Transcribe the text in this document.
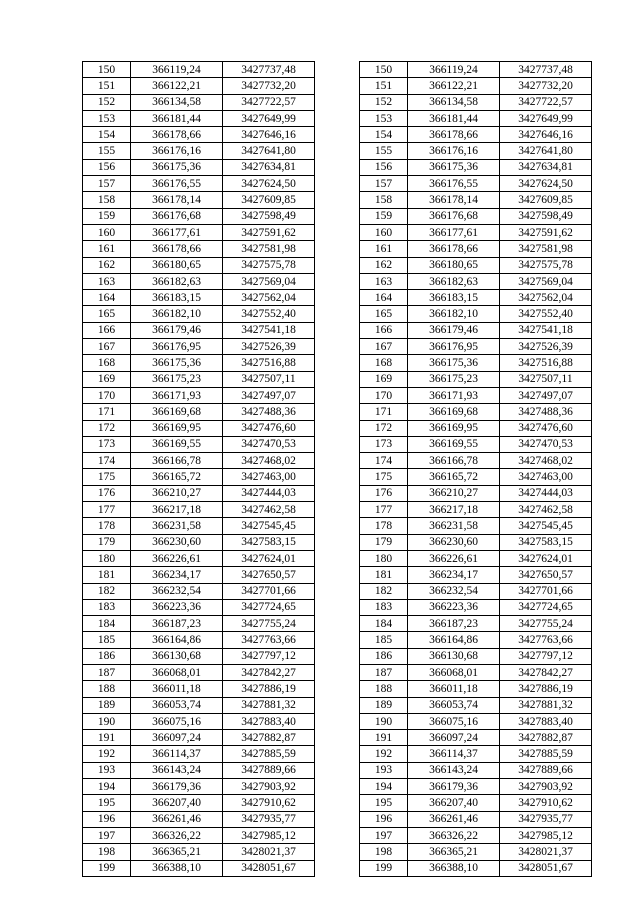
150	366119,24	3427737,48		150	366119,24	3427737,48
151	366122,21	3427732,20		151	366122,21	3427732,20
152	366134,58	3427722,57		152	366134,58	3427722,57
153	366181,44	3427649,99		153	366181,44	3427649,99
154	366178,66	3427646,16		154	366178,66	3427646,16
155	366176,16	3427641,80		155	366176,16	3427641,80
156	366175,36	3427634,81		156	366175,36	3427634,81
157	366176,55	3427624,50		157	366176,55	3427624,50
158	366178,14	3427609,85		158	366178,14	3427609,85
159	366176,68	3427598,49		159	366176,68	3427598,49
160	366177,61	3427591,62		160	366177,61	3427591,62
161	366178,66	3427581,98		161	366178,66	3427581,98
162	366180,65	3427575,78		162	366180,65	3427575,78
163	366182,63	3427569,04		163	366182,63	3427569,04
164	366183,15	3427562,04		164	366183,15	3427562,04
165	366182,10	3427552,40		165	366182,10	3427552,40
166	366179,46	3427541,18		166	366179,46	3427541,18
167	366176,95	3427526,39		167	366176,95	3427526,39
168	366175,36	3427516,88		168	366175,36	3427516,88
169	366175,23	3427507,11		169	366175,23	3427507,11
170	366171,93	3427497,07		170	366171,93	3427497,07
171	366169,68	3427488,36		171	366169,68	3427488,36
172	366169,95	3427476,60		172	366169,95	3427476,60
173	366169,55	3427470,53		173	366169,55	3427470,53
174	366166,78	3427468,02		174	366166,78	3427468,02
175	366165,72	3427463,00		175	366165,72	3427463,00
176	366210,27	3427444,03		176	366210,27	3427444,03
177	366217,18	3427462,58		177	366217,18	3427462,58
178	366231,58	3427545,45		178	366231,58	3427545,45
179	366230,60	3427583,15		179	366230,60	3427583,15
180	366226,61	3427624,01		180	366226,61	3427624,01
181	366234,17	3427650,57		181	366234,17	3427650,57
182	366232,54	3427701,66		182	366232,54	3427701,66
183	366223,36	3427724,65		183	366223,36	3427724,65
184	366187,23	3427755,24		184	366187,23	3427755,24
185	366164,86	3427763,66		185	366164,86	3427763,66
186	366130,68	3427797,12		186	366130,68	3427797,12
187	366068,01	3427842,27		187	366068,01	3427842,27
188	366011,18	3427886,19		188	366011,18	3427886,19
189	366053,74	3427881,32		189	366053,74	3427881,32
190	366075,16	3427883,40		190	366075,16	3427883,40
191	366097,24	3427882,87		191	366097,24	3427882,87
192	366114,37	3427885,59		192	366114,37	3427885,59
193	366143,24	3427889,66		193	366143,24	3427889,66
194	366179,36	3427903,92		194	366179,36	3427903,92
195	366207,40	3427910,62		195	366207,40	3427910,62
196	366261,46	3427935,77		196	366261,46	3427935,77
197	366326,22	3427985,12		197	366326,22	3427985,12
198	366365,21	3428021,37		198	366365,21	3428021,37
199	366388,10	3428051,67		199	366388,10	3428051,67
